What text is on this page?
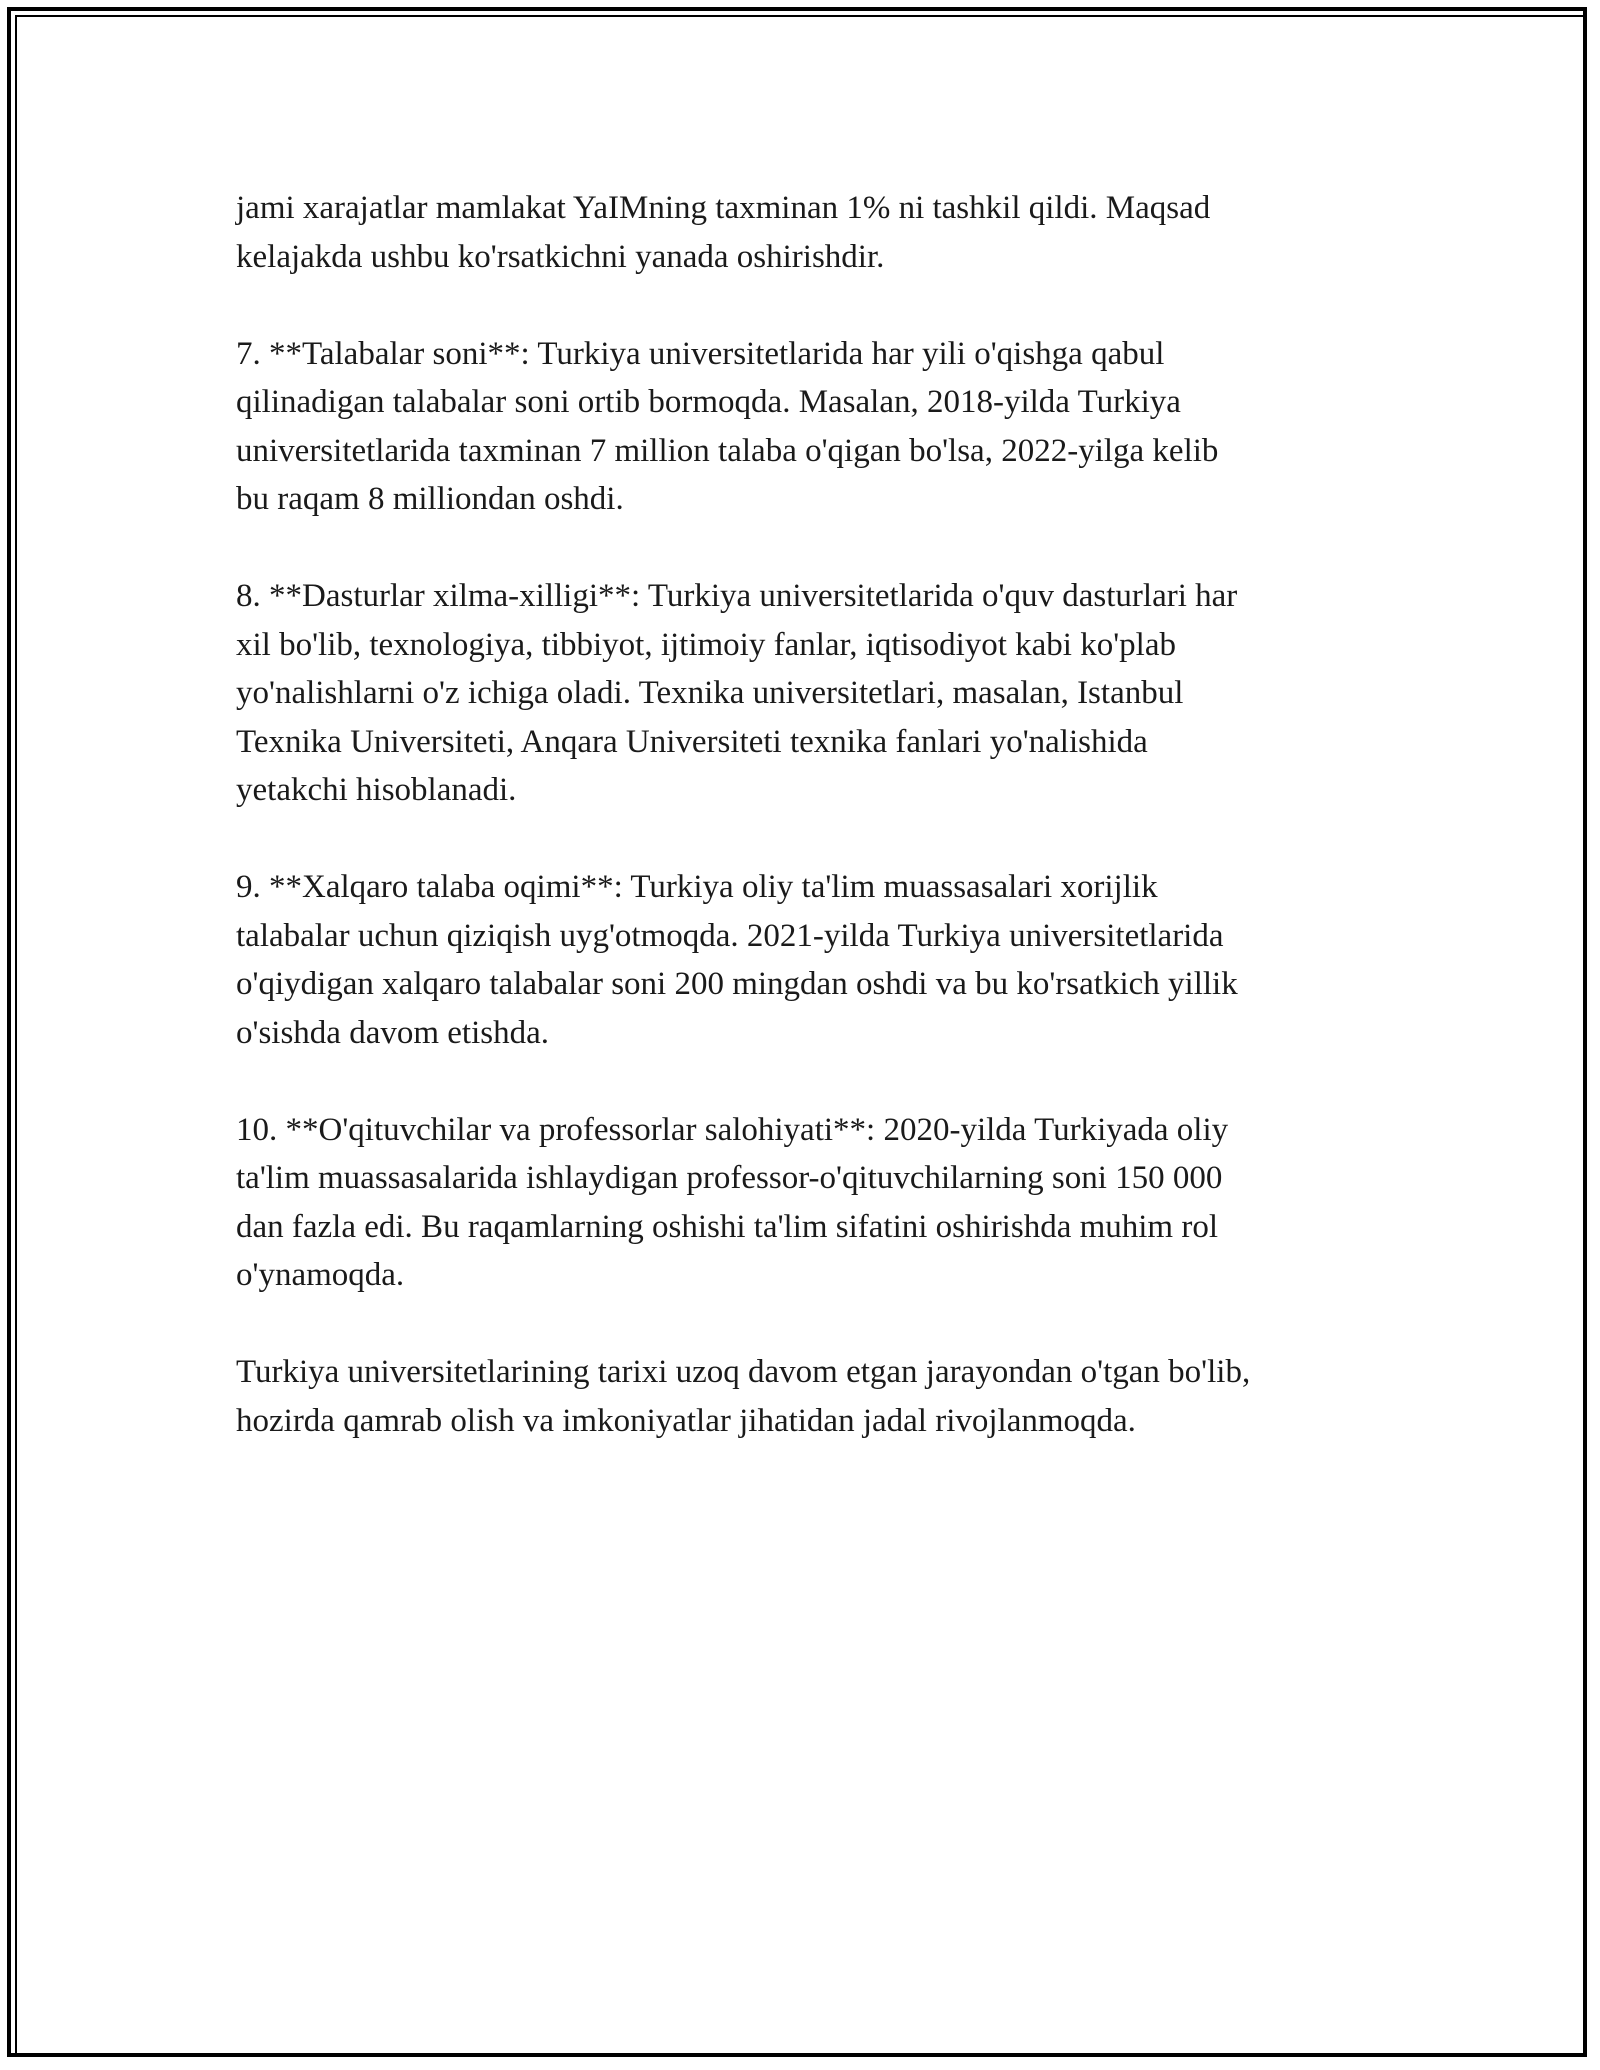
jami xarajatlar mamlakat YaIMning taxminan 1% ni tashkil qildi. Maqsad
kelajakda ushbu ko'rsatkichni yanada oshirishdir.

7. **Talabalar soni**: Turkiya universitetlarida har yili o'qishga qabul
qilinadigan talabalar soni ortib bormoqda. Masalan, 2018-yilda Turkiya
universitetlarida taxminan 7 million talaba o'qigan bo'lsa, 2022-yilga kelib
bu raqam 8 milliondan oshdi.

8. **Dasturlar xilma-xilligi**: Turkiya universitetlarida o'quv dasturlari har
xil bo'lib, texnologiya, tibbiyot, ijtimoiy fanlar, iqtisodiyot kabi ko'plab
yo'nalishlarni o'z ichiga oladi. Texnika universitetlari, masalan, Istanbul
Texnika Universiteti, Anqara Universiteti texnika fanlari yo'nalishida
yetakchi hisoblanadi.

9. **Xalqaro talaba oqimi**: Turkiya oliy ta'lim muassasalari xorijlik
talabalar uchun qiziqish uyg'otmoqda. 2021-yilda Turkiya universitetlarida
o'qiydigan xalqaro talabalar soni 200 mingdan oshdi va bu ko'rsatkich yillik
o'sishda davom etishda.

10. **O'qituvchilar va professorlar salohiyati**: 2020-yilda Turkiyada oliy
ta'lim muassasalarida ishlaydigan professor-o'qituvchilarning soni 150 000
dan fazla edi. Bu raqamlarning oshishi ta'lim sifatini oshirishda muhim rol
o'ynamoqda.

Turkiya universitetlarining tarixi uzoq davom etgan jarayondan o'tgan bo'lib,
hozirda qamrab olish va imkoniyatlar jihatidan jadal rivojlanmoqda.
